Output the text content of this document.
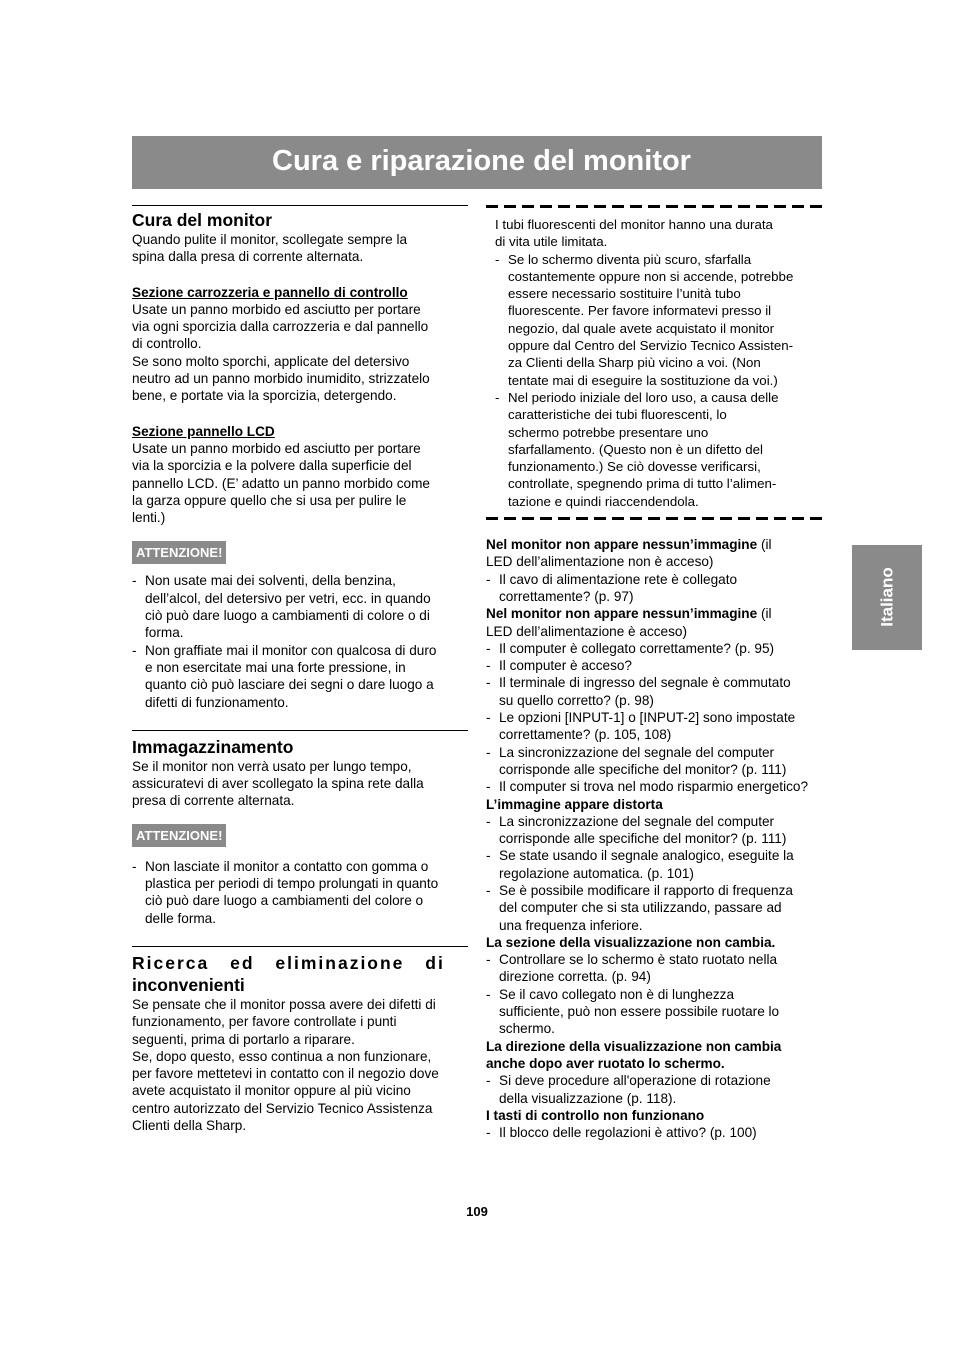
Cura e riparazione del monitor
Cura del monitor
Quando pulite il monitor, scollegate sempre la
spina dalla presa di corrente alternata.

Sezione carrozzeria e pannello di controllo

Usate un panno morbido ed asciutto per portare
via ogni sporcizia dalla carrozzeria e dal pannello
di controllo.
Se sono molto sporchi, applicate del detersivo
neutro ad un panno morbido inumidito, strizzatelo
bene, e portate via la sporcizia, detergendo.

Sezione pannello LCD

Usate un panno morbido ed asciutto per portare
via la sporcizia e la polvere dalla superficie del
pannello LCD. (E’ adatto un panno morbido come
la garza oppure quello che si usa per pulire le
lenti.)
ATTENZIONE!
- Non usate mai dei solventi, della benzina,
dell’alcol, del detersivo per vetri, ecc. in quando
ciò può dare luogo a cambiamenti di colore o di
forma.
- Non graffiate mai il monitor con qualcosa di duro
e non esercitate mai una forte pressione, in
quanto ciò può lasciare dei segni o dare luogo a
difetti di funzionamento.
Immagazzinamento
Se il monitor non verrà usato per lungo tempo,
assicuratevi di aver scollegato la spina rete dalla
presa di corrente alternata.
ATTENZIONE!
- Non lasciate il monitor a contatto con gomma o
plastica per periodi di tempo prolungati in quanto
ciò può dare luogo a cambiamenti del colore o
delle forma.
Ricerca ed eliminazione di
inconvenienti
Se pensate che il monitor possa avere dei difetti di
funzionamento, per favore controllate i punti
seguenti, prima di portarlo a riparare.
Se, dopo questo, esso continua a non funzionare,
per favore mettetevi in contatto con il negozio dove
avete acquistato il monitor oppure al più vicino
centro autorizzato del Servizio Tecnico Assistenza
Clienti della Sharp.
I tubi fluorescenti del monitor hanno una durata
di vita utile limitata.
- Se lo schermo diventa più scuro, sfarfalla
costantemente oppure non si accende, potrebbe
essere necessario sostituire l’unità tubo
fluorescente. Per favore informatevi presso il
negozio, dal quale avete acquistato il monitor
oppure dal Centro del Servizio Tecnico Assisten-
za Clienti della Sharp più vicino a voi. (Non
tentate mai di eseguire la sostituzione da voi.)
- Nel periodo iniziale del loro uso, a causa delle
caratteristiche dei tubi fluorescenti, lo
schermo potrebbe presentare uno
sfarfallamento. (Questo non è un difetto del
funzionamento.) Se ciò dovesse verificarsi,
controllate, spegnendo prima di tutto l’alimen-
tazione e quindi riaccendendola.

Nel monitor non appare nessun’immagine (il

LED dell’alimentazione non è acceso)

- Il cavo di alimentazione rete è collegato
correttamente? (p. 97)

Nel monitor non appare nessun’immagine (il

LED dell’alimentazione è acceso)

- Il computer è collegato correttamente? (p. 95)
- Il computer è acceso?
- Il terminale di ingresso del segnale è commutato
su quello corretto? (p. 98)
- Le opzioni [INPUT-1] o [INPUT-2] sono impostate
correttamente? (p. 105, 108)
- La sincronizzazione del segnale del computer
corrisponde alle specifiche del monitor? (p. 111)
- Il computer si trova nel modo risparmio energetico?

L’immagine appare distorta

- La sincronizzazione del segnale del computer
corrisponde alle specifiche del monitor? (p. 111)
- Se state usando il segnale analogico, eseguite la
regolazione automatica. (p. 101)
- Se è possibile modificare il rapporto di frequenza
del computer che si sta utilizzando, passare ad
una frequenza inferiore.

La sezione della visualizzazione non cambia.

- Controllare se lo schermo è stato ruotato nella
direzione corretta. (p. 94)
- Se il cavo collegato non è di lunghezza
sufficiente, può non essere possibile ruotare lo
schermo.

La direzione della visualizzazione non cambia

anche dopo aver ruotato lo schermo.

- Si deve procedure all'operazione di rotazione
della visualizzazione (p. 118).

I tasti di controllo non funzionano

- Il blocco delle regolazioni è attivo? (p. 100)
Italiano
109
